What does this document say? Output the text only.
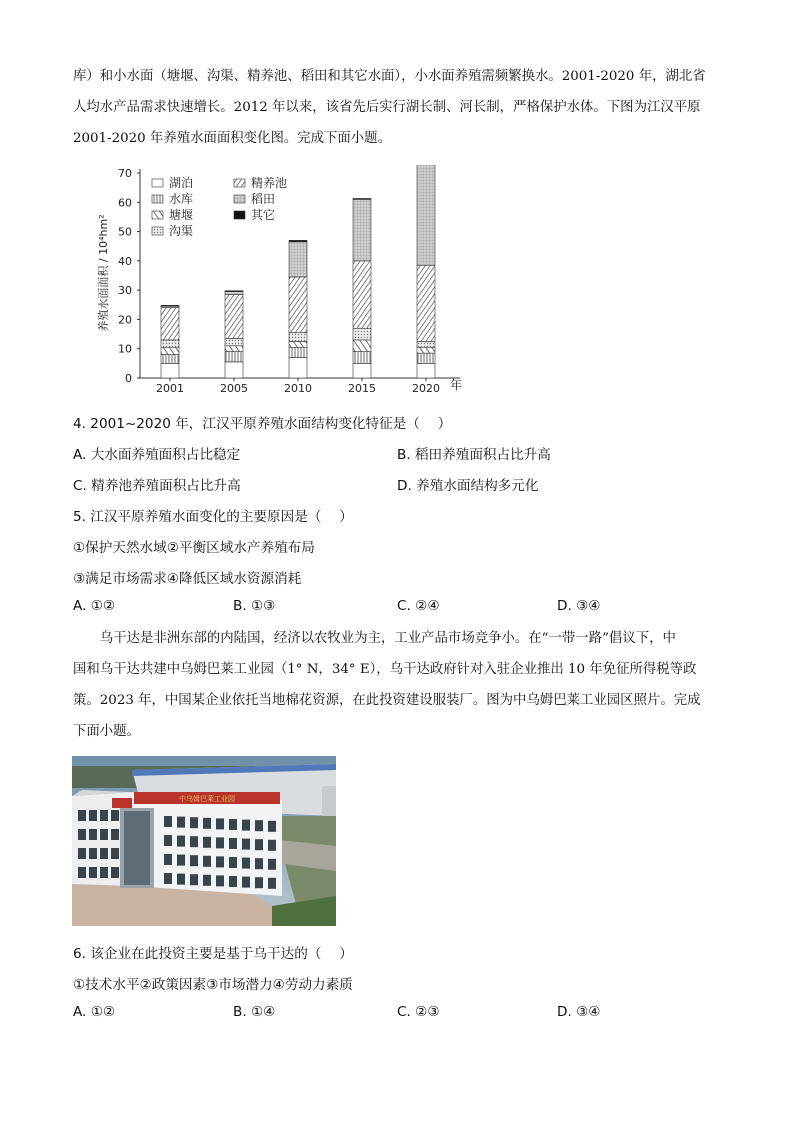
库）和小水面（塘堰、沟渠、精养池、稻田和其它水面），小水面养殖需频繁换水。2001-2020 年，湖北省
人均水产品需求快速增长。2012 年以来，该省先后实行湖长制、河长制，严格保护水体。下图为江汉平原
2001-2020 年养殖水面面积变化图。完成下面小题。
养殖水面面积 / 10⁴hm²
0
10
20
30
40
50
60
70
2001	2005	2010	2015	2020
湖泊
水库
塘堰
沟渠
精养池
稻田
其它
年
4. 2001~2020 年，江汉平原养殖水面结构变化特征是（　 ）
A. 大水面养殖面积占比稳定	B. 稻田养殖面积占比升高
C. 精养池养殖面积占比升高	D. 养殖水面结构多元化
5. 江汉平原养殖水面变化的主要原因是（　 ）
①保护天然水域②平衡区域水产养殖布局
③满足市场需求④降低区域水资源消耗
A. ①②	B. ①③	C. ②④	D. ③④
　　乌干达是非洲东部的内陆国，经济以农牧业为主，工业产品市场竞争小。在“一带一路”倡议下，中
国和乌干达共建中乌姆巴莱工业园（1° N，34° E），乌干达政府针对入驻企业推出 10 年免征所得税等政
策。2023 年，中国某企业依托当地棉花资源，在此投资建设服装厂。图为中乌姆巴莱工业园区照片。完成
下面小题。
中乌姆巴莱工业园
6. 该企业在此投资主要是基于乌干达的（　 ）
①技术水平②政策因素③市场潜力④劳动力素质
A. ①②	B. ①④	C. ②③	D. ③④
